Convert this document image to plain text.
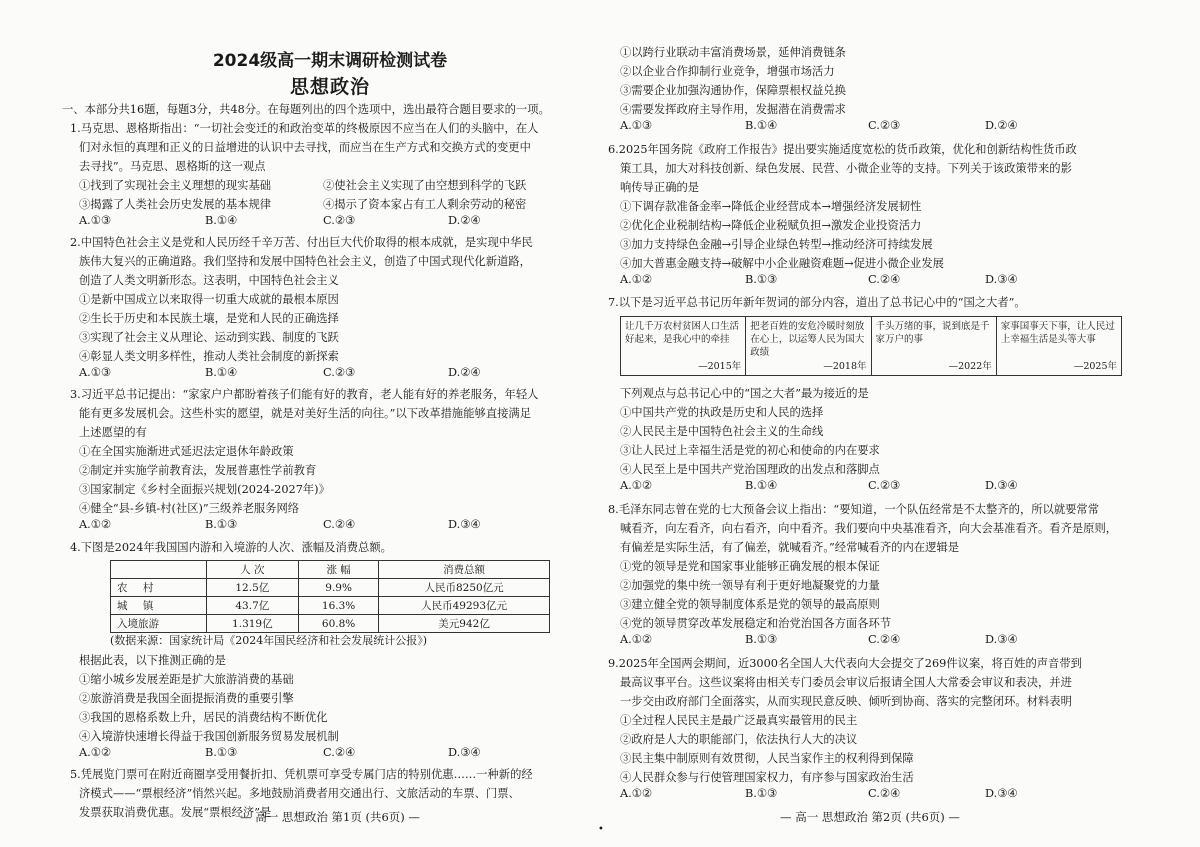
2024级高一期末调研检测试卷
思想政治
一、本部分共16题，每题3分，共48分。在每题列出的四个选项中，选出最符合题目要求的一项。
1.马克思、恩格斯指出：“一切社会变迁的和政治变革的终极原因不应当在人们的头脑中，在人
们对永恒的真理和正义的日益增进的认识中去寻找，而应当在生产方式和交换方式的变更中
去寻找”。马克思、恩格斯的这一观点
①找到了实现社会主义理想的现实基础	②使社会主义实现了由空想到科学的飞跃
③揭露了人类社会历史发展的基本规律	④揭示了资本家占有工人剩余劳动的秘密
A.①③	B.①④	C.②③	D.②④
2.中国特色社会主义是党和人民历经千辛万苦、付出巨大代价取得的根本成就，是实现中华民
族伟大复兴的正确道路。我们坚持和发展中国特色社会主义，创造了中国式现代化新道路，
创造了人类文明新形态。这表明，中国特色社会主义
①是新中国成立以来取得一切重大成就的最根本原因
②生长于历史和本民族土壤，是党和人民的正确选择
③实现了社会主义从理论、运动到实践、制度的飞跃
④彰显人类文明多样性，推动人类社会制度的新探索
A.①③	B.①④	C.②③	D.②④
3.习近平总书记提出：“家家户户都盼着孩子们能有好的教育，老人能有好的养老服务，年轻人
能有更多发展机会。这些朴实的愿望，就是对美好生活的向往。”以下改革措施能够直接满足
上述愿望的有
①在全国实施渐进式延迟法定退休年龄政策
②制定并实施学前教育法，发展普惠性学前教育
③国家制定《乡村全面振兴规划(2024-2027年)》
④健全“县-乡镇-村(社区)”三级养老服务网络
A.①②	B.①③	C.②④	D.③④
4.下图是2024年我国国内游和入境游的人次、涨幅及消费总额。
	人 次	涨 幅	消费总额
农 村	12.5亿	9.9%	人民币8250亿元
城 镇	43.7亿	16.3%	人民币49293亿元
入境旅游	1.319亿	60.8%	美元942亿
(数据来源：国家统计局《2024年国民经济和社会发展统计公报》)
根据此表，以下推测正确的是
①缩小城乡发展差距是扩大旅游消费的基础
②旅游消费是我国全面提振消费的重要引擎
③我国的恩格系数上升，居民的消费结构不断优化
④入境游快速增长得益于我国创新服务贸易发展机制
A.①②	B.①③	C.②④	D.③④
5.凭展览门票可在附近商圈享受用餐折扣、凭机票可享受专属门店的特别优惠……一种新的经
济模式——“票根经济”悄然兴起。多地鼓励消费者用交通出行、文旅活动的车票、门票、
发票获取消费优惠。发展“票根经济”是
— 高一 思想政治 第1页 (共6页) —
•
①以跨行业联动丰富消费场景，延伸消费链条
②以企业合作抑制行业竞争，增强市场活力
③需要企业加强沟通协作，保障票根权益兑换
④需要发挥政府主导作用，发掘潜在消费需求
A.①③	B.①④	C.②③	D.②④
6.2025年国务院《政府工作报告》提出要实施适度宽松的货币政策，优化和创新结构性货币政
策工具，加大对科技创新、绿色发展、民营、小微企业等的支持。下列关于该政策带来的影
响传导正确的是
①下调存款准备金率→降低企业经营成本→增强经济发展韧性
②优化企业税制结构→降低企业税赋负担→激发企业投资活力
③加力支持绿色金融→引导企业绿色转型→推动经济可持续发展
④加大普惠金融支持→破解中小企业融资难题→促进小微企业发展
A.①②	B.①③	C.②④	D.③④
7.以下是习近平总书记历年新年贺词的部分内容，道出了总书记心中的“国之大者”。
让几千万农村贫困人口生活好起来，是我心中的牵挂
—2015年
把老百姓的安危冷暖时刻放在心上，以运筹人民为国大政绩
—2018年
千头万绪的事，说到底是千家万户的事
—2022年
家事国事天下事，让人民过上幸福生活是头等大事
—2025年
下列观点与总书记心中的“国之大者”最为接近的是
①中国共产党的执政是历史和人民的选择
②人民民主是中国特色社会主义的生命线
③让人民过上幸福生活是党的初心和使命的内在要求
④人民至上是中国共产党治国理政的出发点和落脚点
A.①②	B.①④	C.②③	D.③④
8.毛泽东同志曾在党的七大预备会议上指出：“要知道，一个队伍经常是不太整齐的，所以就要常常
喊看齐，向左看齐，向右看齐，向中看齐。我们要向中央基准看齐，向大会基准看齐。看齐是原则，
有偏差是实际生活，有了偏差，就喊看齐。”经常喊看齐的内在逻辑是
①党的领导是党和国家事业能够正确发展的根本保证
②加强党的集中统一领导有利于更好地凝聚党的力量
③建立健全党的领导制度体系是党的领导的最高原则
④党的领导贯穿改革发展稳定和治党治国各方面各环节
A.①②	B.①③	C.②④	D.③④
9.2025年全国两会期间，近3000名全国人大代表向大会提交了269件议案，将百姓的声音带到
最高议事平台。这些议案将由相关专门委员会审议后报请全国人大常委会审议和表决，并进
一步交由政府部门全面落实，从而实现民意反映、倾听到协商、落实的完整闭环。材料表明
①全过程人民民主是最广泛最真实最管用的民主
②政府是人大的职能部门，依法执行人大的决议
③民主集中制原则有效贯彻，人民当家作主的权利得到保障
④人民群众参与行使管理国家权力，有序参与国家政治生活
A.①②	B.①③	C.②④	D.③④
— 高一 思想政治 第2页 (共6页) —
